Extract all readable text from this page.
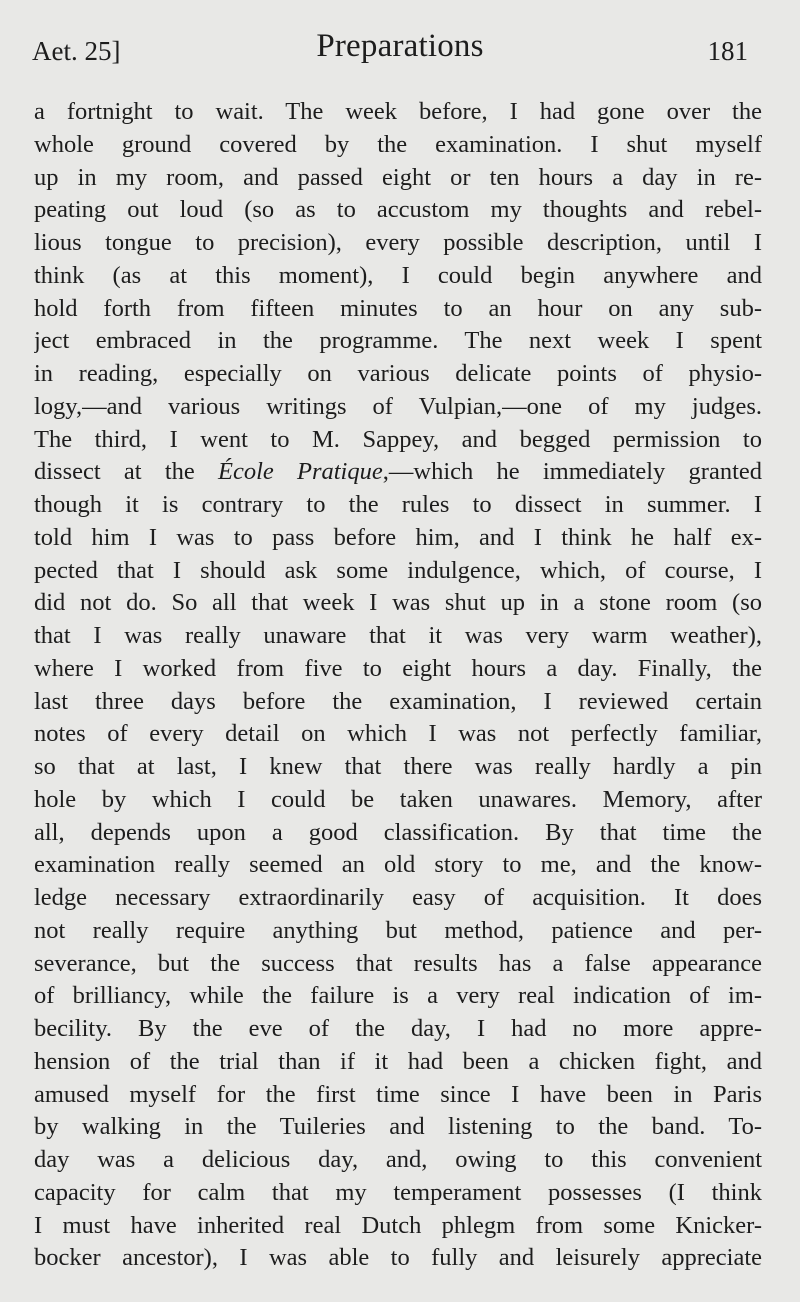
Aet. 25]	Preparations	181
a fortnight to wait. The week before, I had gone over the
whole ground covered by the examination. I shut myself
up in my room, and passed eight or ten hours a day in re-
peating out loud (so as to accustom my thoughts and rebel-
lious tongue to precision), every possible description, until I
think (as at this moment), I could begin anywhere and
hold forth from fifteen minutes to an hour on any sub-
ject embraced in the programme. The next week I spent
in reading, especially on various delicate points of physio-
logy,—and various writings of Vulpian,—one of my judges.
The third, I went to M. Sappey, and begged permission to
dissect at the École Pratique,—which he immediately granted
though it is contrary to the rules to dissect in summer. I
told him I was to pass before him, and I think he half ex-
pected that I should ask some indulgence, which, of course, I
did not do. So all that week I was shut up in a stone room (so
that I was really unaware that it was very warm weather),
where I worked from five to eight hours a day. Finally, the
last three days before the examination, I reviewed certain
notes of every detail on which I was not perfectly familiar,
so that at last, I knew that there was really hardly a pin
hole by which I could be taken unawares. Memory, after
all, depends upon a good classification. By that time the
examination really seemed an old story to me, and the know-
ledge necessary extraordinarily easy of acquisition. It does
not really require anything but method, patience and per-
severance, but the success that results has a false appearance
of brilliancy, while the failure is a very real indication of im-
becility. By the eve of the day, I had no more appre-
hension of the trial than if it had been a chicken fight, and
amused myself for the first time since I have been in Paris
by walking in the Tuileries and listening to the band. To-
day was a delicious day, and, owing to this convenient
capacity for calm that my temperament possesses (I think
I must have inherited real Dutch phlegm from some Knicker-
bocker ancestor), I was able to fully and leisurely appreciate
